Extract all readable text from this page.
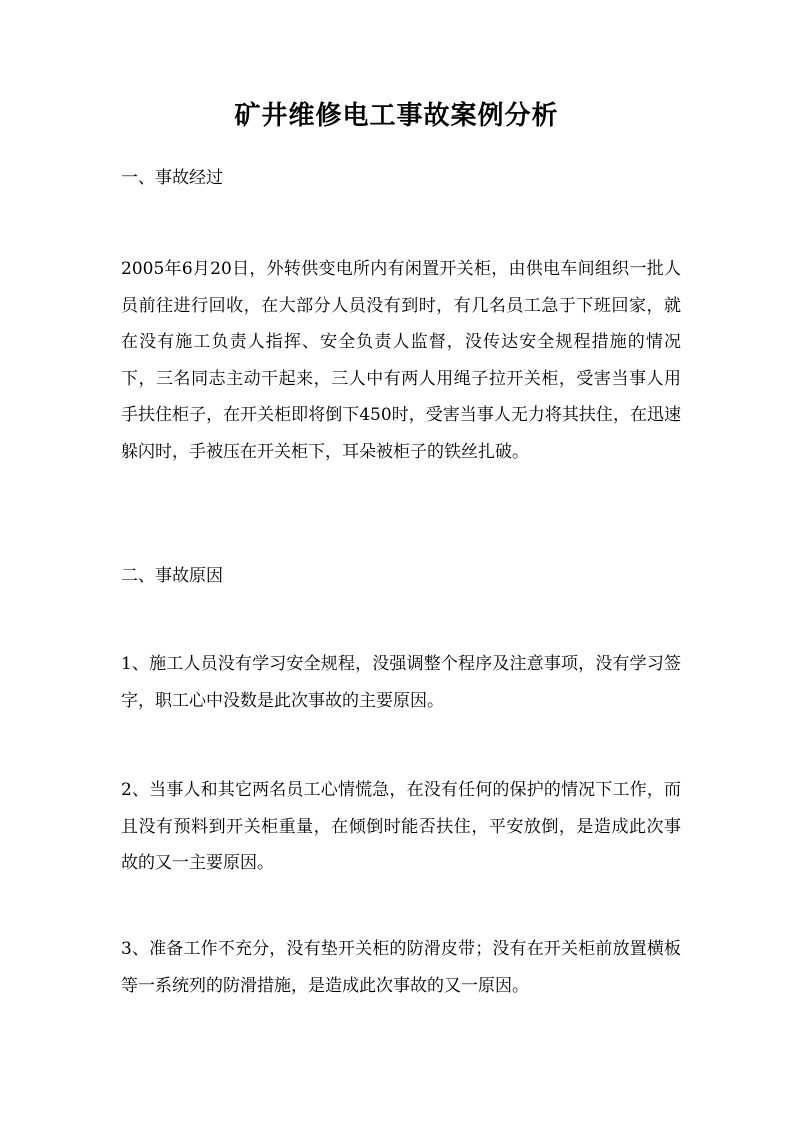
矿井维修电工事故案例分析

一、事故经过

2005年6月20日，外转供变电所内有闲置开关柜，由供电车间组织一批人员前往进行回收，在大部分人员没有到时，有几名员工急于下班回家，就在没有施工负责人指挥、安全负责人监督，没传达安全规程措施的情况下，三名同志主动干起来，三人中有两人用绳子拉开关柜，受害当事人用手扶住柜子，在开关柜即将倒下450时，受害当事人无力将其扶住，在迅速躲闪时，手被压在开关柜下，耳朵被柜子的铁丝扎破。

二、事故原因

1、施工人员没有学习安全规程，没强调整个程序及注意事项，没有学习签字，职工心中没数是此次事故的主要原因。

2、当事人和其它两名员工心情慌急，在没有任何的保护的情况下工作，而且没有预料到开关柜重量，在倾倒时能否扶住，平安放倒，是造成此次事故的又一主要原因。

3、准备工作不充分，没有垫开关柜的防滑皮带；没有在开关柜前放置横板等一系统列的防滑措施，是造成此次事故的又一原因。
